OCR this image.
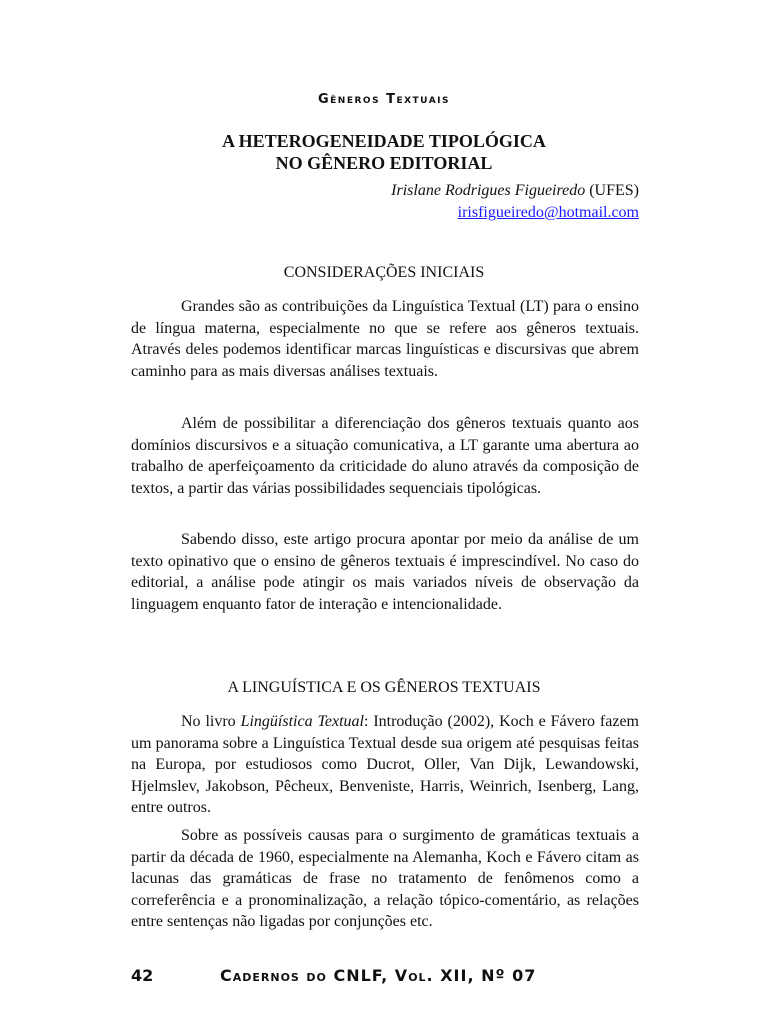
Gêneros Textuais
A HETEROGENEIDADE TIPOLÓGICA
NO GÊNERO EDITORIAL
Irislane Rodrigues Figueiredo (UFES)
irisfigueiredo@hotmail.com
CONSIDERAÇÕES INICIAIS

Grandes são as contribuições da Linguística Textual (LT) para o ensino de língua materna, especialmente no que se refere aos gêneros textuais. Através deles podemos identificar marcas linguísticas e discursivas que abrem caminho para as mais diversas análises textuais.

Além de possibilitar a diferenciação dos gêneros textuais quanto aos domínios discursivos e a situação comunicativa, a LT garante uma abertura ao trabalho de aperfeiçoamento da criticidade do aluno através da composição de textos, a partir das várias possibilidades sequenciais tipológicas.

Sabendo disso, este artigo procura apontar por meio da análise de um texto opinativo que o ensino de gêneros textuais é imprescindível. No caso do editorial, a análise pode atingir os mais variados níveis de observação da linguagem enquanto fator de interação e intencionalidade.

A LINGUÍSTICA E OS GÊNEROS TEXTUAIS

No livro Lingüística Textual: Introdução (2002), Koch e Fávero fazem um panorama sobre a Linguística Textual desde sua origem até pesquisas feitas na Europa, por estudiosos como Ducrot, Oller, Van Dijk, Lewandowski, Hjelmslev, Jakobson, Pêcheux, Benveniste, Harris, Weinrich, Isenberg, Lang, entre outros.

Sobre as possíveis causas para o surgimento de gramáticas textuais a partir da década de 1960, especialmente na Alemanha, Koch e Fávero citam as lacunas das gramáticas de frase no tratamento de fenômenos como a correferência e a pronominalização, a relação tópico-comentário, as relações entre sentenças não ligadas por conjunções etc.

42	Cadernos do CNLF, Vol. XII, Nº 07
